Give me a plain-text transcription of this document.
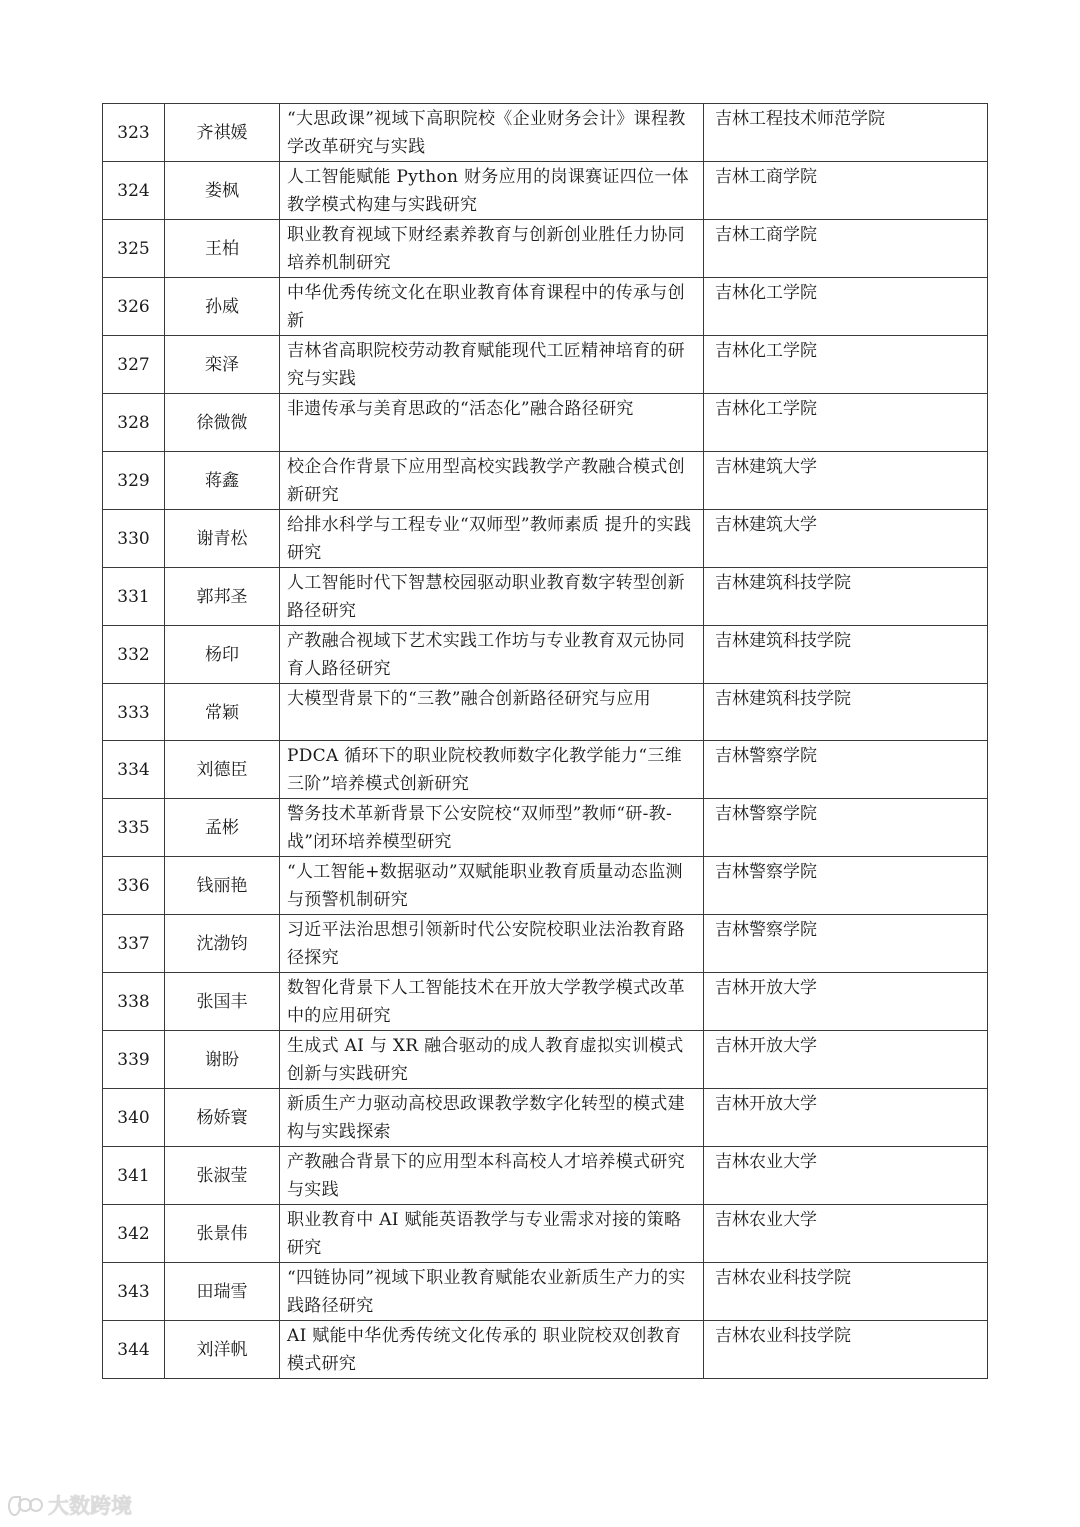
323	齐祺媛	“大思政课”视域下高职院校《企业财务会计》课程教学改革研究与实践	吉林工程技术师范学院

324	娄枫	人工智能赋能 Python 财务应用的岗课赛证四位一体教学模式构建与实践研究	吉林工商学院

325	王柏	职业教育视域下财经素养教育与创新创业胜任力协同培养机制研究	吉林工商学院

326	孙威	中华优秀传统文化在职业教育体育课程中的传承与创新	吉林化工学院

327	栾泽	吉林省高职院校劳动教育赋能现代工匠精神培育的研究与实践	吉林化工学院

328	徐微微	非遗传承与美育思政的“活态化”融合路径研究	吉林化工学院

329	蒋鑫	校企合作背景下应用型高校实践教学产教融合模式创新研究	吉林建筑大学

330	谢青松	给排水科学与工程专业“双师型”教师素质 提升的实践研究	吉林建筑大学

331	郭邦圣	人工智能时代下智慧校园驱动职业教育数字转型创新路径研究	吉林建筑科技学院

332	杨印	产教融合视域下艺术实践工作坊与专业教育双元协同育人路径研究	吉林建筑科技学院

333	常颖	大模型背景下的“三教”融合创新路径研究与应用	吉林建筑科技学院

334	刘德臣	PDCA 循环下的职业院校教师数字化教学能力“三维三阶”培养模式创新研究	吉林警察学院

335	孟彬	警务技术革新背景下公安院校“双师型”教师“研-教-战”闭环培养模型研究	吉林警察学院

336	钱丽艳	“人工智能+数据驱动”双赋能职业教育质量动态监测与预警机制研究	吉林警察学院

337	沈渤钧	习近平法治思想引领新时代公安院校职业法治教育路径探究	吉林警察学院

338	张国丰	数智化背景下人工智能技术在开放大学教学模式改革中的应用研究	吉林开放大学

339	谢盼	生成式 AI 与 XR 融合驱动的成人教育虚拟实训模式创新与实践研究	吉林开放大学

340	杨娇寰	新质生产力驱动高校思政课教学数字化转型的模式建构与实践探索	吉林开放大学

341	张淑莹	产教融合背景下的应用型本科高校人才培养模式研究与实践	吉林农业大学

342	张景伟	职业教育中 AI 赋能英语教学与专业需求对接的策略研究	吉林农业大学

343	田瑞雪	“四链协同”视域下职业教育赋能农业新质生产力的实践路径研究	吉林农业科技学院

344	刘洋帆	AI 赋能中华优秀传统文化传承的 职业院校双创教育模式研究	吉林农业科技学院
大数跨境
